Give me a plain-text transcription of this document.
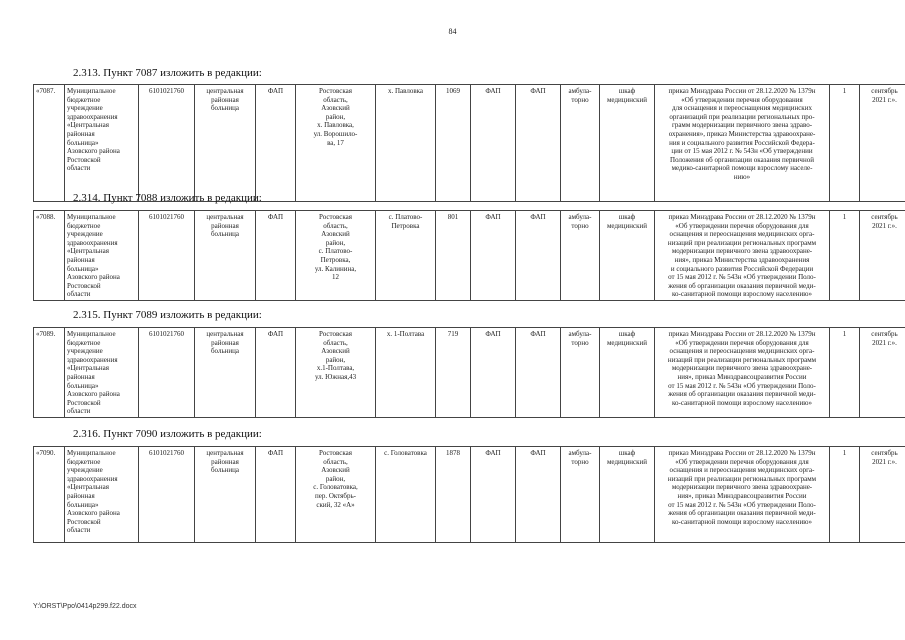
84
2.313. Пункт 7087 изложить в редакции:
«7087.	Муниципальное
бюджетное
учреждение
здравоохранения
«Центральная
районная
больница»
Азовского района
Ростовской
области	6101021760	центральная
районная
больница	ФАП	Ростовская
область,
Азовский
район,
х. Павловка,
ул. Ворошило-
ва, 17	х. Павловка	1069	ФАП	ФАП	амбула-
торно	шкаф
медицинский	приказ Минздрава России от 28.12.2020 № 1379н
«Об утверждении перечня оборудования
для оснащения и переоснащения медицинских
организаций при реализации региональных про-
грамм модернизации первичного звена здраво-
охранения», приказ Министерства здравоохране-
ния и социального развития Российской Федера-
ции от 15 мая 2012 г. № 543н «Об утверждении
Положения об организации оказания первичной
медико-санитарной помощи взрослому населе-
нию»	1	сентябрь
2021 г.».
2.314. Пункт 7088 изложить в редакции:
«7088.	Муниципальное
бюджетное
учреждение
здравоохранения
«Центральная
районная
больница»
Азовского района
Ростовской
области	6101021760	центральная
районная
больница	ФАП	Ростовская
область,
Азовский
район,
с. Платово-
Петровка,
ул. Калинина,
12	с. Платово-
Петровка	801	ФАП	ФАП	амбула-
торно	шкаф
медицинский	приказ Минздрава России от 28.12.2020 № 1379н
«Об утверждении перечня оборудования для
оснащения и переоснащения медицинских орга-
низаций при реализации региональных программ
модернизации первичного звена здравоохране-
ния», приказ Министерства здравоохранения
и социального развития Российской Федерации
от 15 мая 2012 г. № 543н «Об утверждении Поло-
жения об организации оказания первичной меди-
ко-санитарной помощи взрослому населению»	1	сентябрь
2021 г.».
2.315. Пункт 7089 изложить в редакции:
«7089.	Муниципальное
бюджетное
учреждение
здравоохранения
«Центральная
районная
больница»
Азовского района
Ростовской
области	6101021760	центральная
районная
больница	ФАП	Ростовская
область,
Азовский
район,
х.1-Полтава,
ул. Южная,43	х. 1-Полтава	719	ФАП	ФАП	амбула-
торно	шкаф
медицинский	приказ Минздрава России от 28.12.2020 № 1379н
«Об утверждении перечня оборудования для
оснащения и переоснащения медицинских орга-
низаций при реализации региональных программ
модернизации первичного звена здравоохране-
ния», приказ Минздравсоцразвития России
от 15 мая 2012 г. № 543н «Об утверждении Поло-
жения об организации оказания первичной меди-
ко-санитарной помощи взрослому населению»	1	сентябрь
2021 г.».
2.316. Пункт 7090 изложить в редакции:
«7090.	Муниципальное
бюджетное
учреждение
здравоохранения
«Центральная
районная
больница»
Азовского района
Ростовской
области	6101021760	центральная
районная
больница	ФАП	Ростовская
область,
Азовский
район,
с. Головатовка,
пер. Октябрь-
ский, 32 «А»	с. Головатовка	1878	ФАП	ФАП	амбула-
торно	шкаф
медицинский	приказ Минздрава России от 28.12.2020 № 1379н
«Об утверждении перечня оборудования для
оснащения и переоснащения медицинских орга-
низаций при реализации региональных программ
модернизации первичного звена здравоохране-
ния», приказ Минздравсоцразвития России
от 15 мая 2012 г. № 543н «Об утверждении Поло-
жения об организации оказания первичной меди-
ко-санитарной помощи взрослому населению»	1	сентябрь
2021 г.».
Y:\ORST\Ppo\0414p299.f22.docx
